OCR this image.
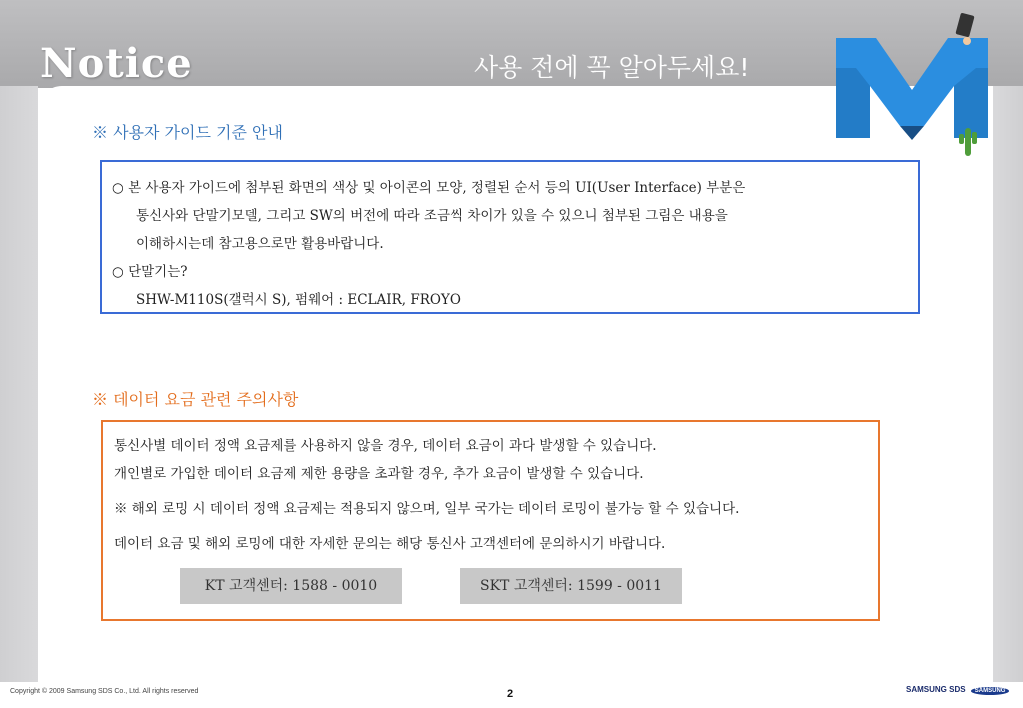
Notice	사용 전에 꼭 알아두세요!
※ 사용자 가이드 기준 안내
○ 본 사용자 가이드에 첨부된 화면의 색상 및 아이콘의 모양, 정렬된 순서 등의 UI(User Interface) 부분은
통신사와 단말기모델, 그리고 SW의 버전에 따라 조금씩 차이가 있을 수 있으니 첨부된 그림은 내용을
이해하시는데 참고용으로만 활용바랍니다.
○ 단말기는?
SHW-M110S(갤럭시 S), 펌웨어 : ECLAIR, FROYO
※ 데이터 요금 관련 주의사항
통신사별 데이터 정액 요금제를 사용하지 않을 경우, 데이터 요금이 과다 발생할 수 있습니다.
개인별로 가입한 데이터 요금제 제한 용량을 초과할 경우, 추가 요금이 발생할 수 있습니다.
※ 해외 로밍 시 데이터 정액 요금제는 적용되지 않으며, 일부 국가는 데이터 로밍이 불가능 할 수 있습니다.
데이터 요금 및 해외 로밍에 대한 자세한 문의는 해당 통신사 고객센터에 문의하시기 바랍니다.
KT 고객센터: 1588 - 0010	SKT 고객센터: 1599 - 0011
Copyright © 2009 Samsung SDS Co., Ltd. All rights reserved	2	SAMSUNG SDS SAMSUNG
